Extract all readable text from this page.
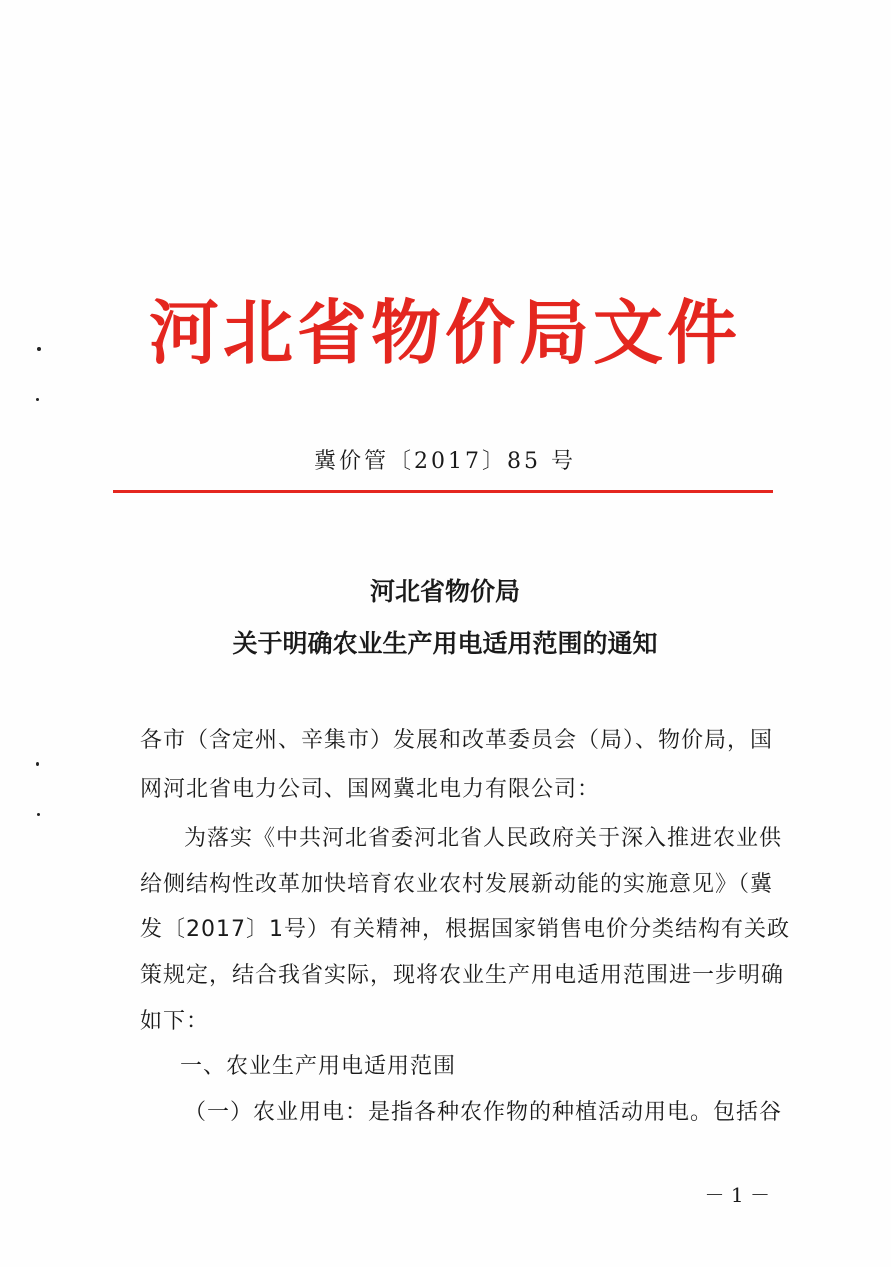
河北省物价局文件
冀价管〔2017〕85 号
河北省物价局
关于明确农业生产用电适用范围的通知
各市（含定州、辛集市）发展和改革委员会（局）、物价局，国
网河北省电力公司、国网冀北电力有限公司：
为落实《中共河北省委河北省人民政府关于深入推进农业供
给侧结构性改革加快培育农业农村发展新动能的实施意见》（冀
发〔2017〕1号）有关精神，根据国家销售电价分类结构有关政
策规定，结合我省实际，现将农业生产用电适用范围进一步明确
如下：
一、农业生产用电适用范围
（一）农业用电：是指各种农作物的种植活动用电。包括谷
－ 1 －
